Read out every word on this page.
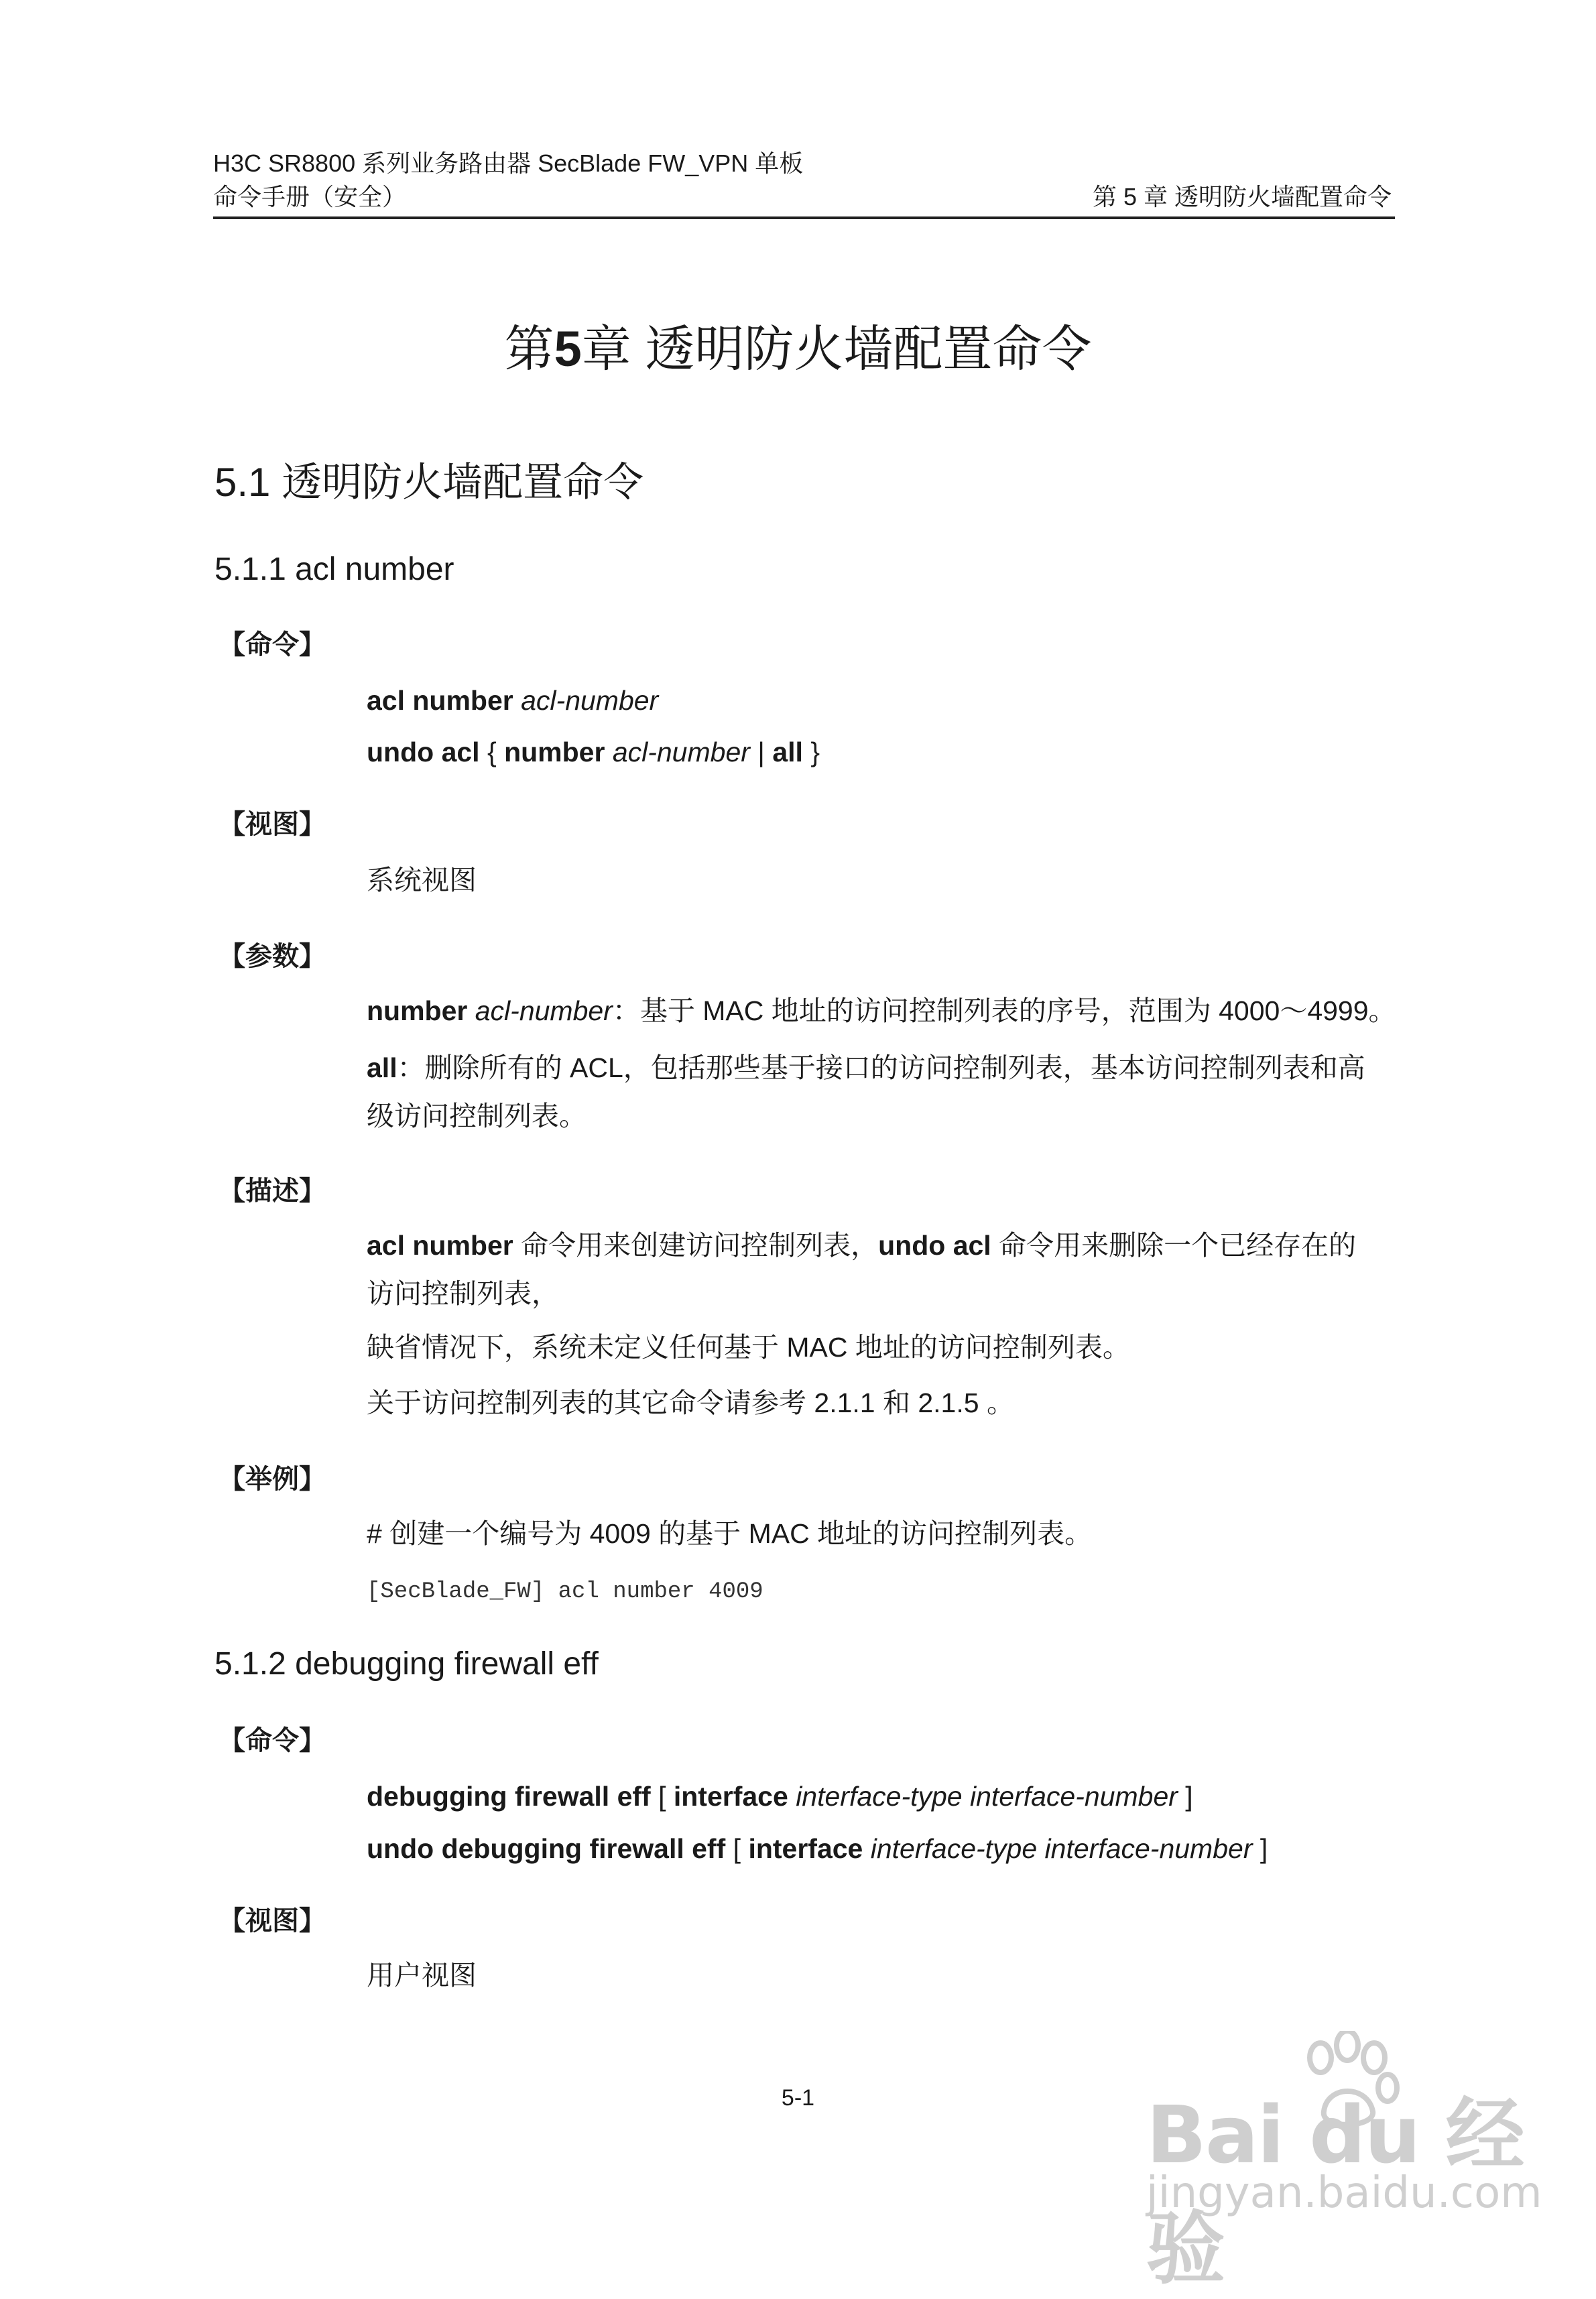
H3C SR8800 系列业务路由器 SecBlade FW_VPN 单板
命令手册（安全）	第 5 章 透明防火墙配置命令
第5章 透明防火墙配置命令
5.1 透明防火墙配置命令
5.1.1 acl number
【命令】
acl number acl-number
undo acl { number acl-number | all }
【视图】
系统视图
【参数】
number acl-number：基于 MAC 地址的访问控制列表的序号，范围为 4000～4999。
all：删除所有的 ACL，包括那些基于接口的访问控制列表，基本访问控制列表和高
级访问控制列表。
【描述】
acl number 命令用来创建访问控制列表，undo acl 命令用来删除一个已经存在的
访问控制列表，
缺省情况下，系统未定义任何基于 MAC 地址的访问控制列表。
关于访问控制列表的其它命令请参考 2.1.1 和 2.1.5 。
【举例】
# 创建一个编号为 4009 的基于 MAC 地址的访问控制列表。
[SecBlade_FW] acl number 4009
5.1.2 debugging firewall eff
【命令】
debugging firewall eff [ interface interface-type interface-number ]
undo debugging firewall eff [ interface interface-type interface-number ]
【视图】
用户视图
5-1	Bai du 经验
jingyan.baidu.com
